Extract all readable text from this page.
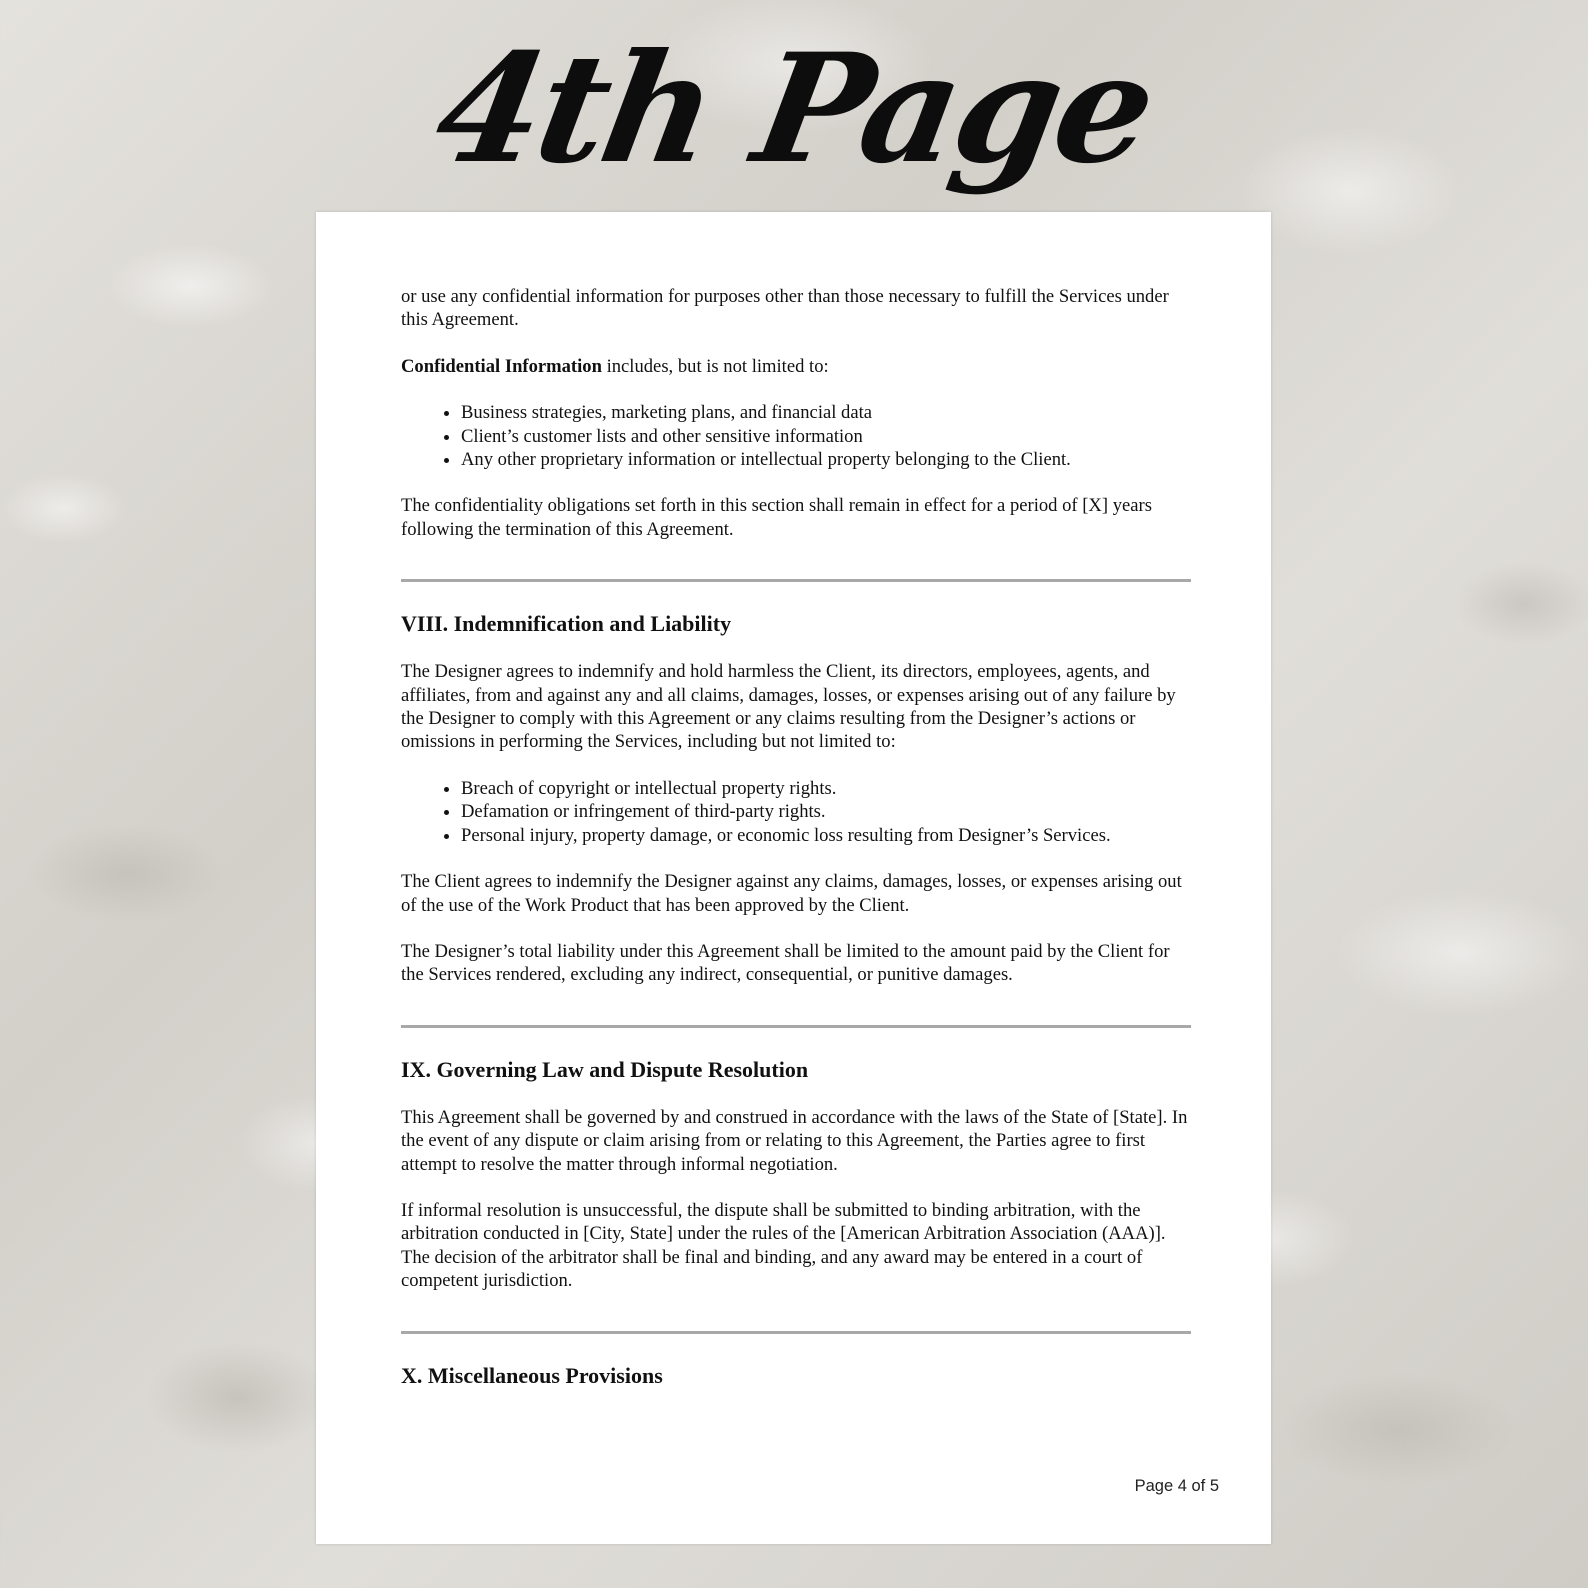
4th Page

or use any confidential information for purposes other than those necessary to fulfill the Services under this Agreement.

Confidential Information includes, but is not limited to:

• Business strategies, marketing plans, and financial data
• Client’s customer lists and other sensitive information
• Any other proprietary information or intellectual property belonging to the Client.

The confidentiality obligations set forth in this section shall remain in effect for a period of [X] years following the termination of this Agreement.

VIII. Indemnification and Liability

The Designer agrees to indemnify and hold harmless the Client, its directors, employees, agents, and affiliates, from and against any and all claims, damages, losses, or expenses arising out of any failure by the Designer to comply with this Agreement or any claims resulting from the Designer’s actions or omissions in performing the Services, including but not limited to:

• Breach of copyright or intellectual property rights.
• Defamation or infringement of third-party rights.
• Personal injury, property damage, or economic loss resulting from Designer’s Services.

The Client agrees to indemnify the Designer against any claims, damages, losses, or expenses arising out of the use of the Work Product that has been approved by the Client.

The Designer’s total liability under this Agreement shall be limited to the amount paid by the Client for the Services rendered, excluding any indirect, consequential, or punitive damages.

IX. Governing Law and Dispute Resolution

This Agreement shall be governed by and construed in accordance with the laws of the State of [State]. In the event of any dispute or claim arising from or relating to this Agreement, the Parties agree to first attempt to resolve the matter through informal negotiation.

If informal resolution is unsuccessful, the dispute shall be submitted to binding arbitration, with the arbitration conducted in [City, State] under the rules of the [American Arbitration Association (AAA)]. The decision of the arbitrator shall be final and binding, and any award may be entered in a court of competent jurisdiction.

X. Miscellaneous Provisions
Page 4 of 5
